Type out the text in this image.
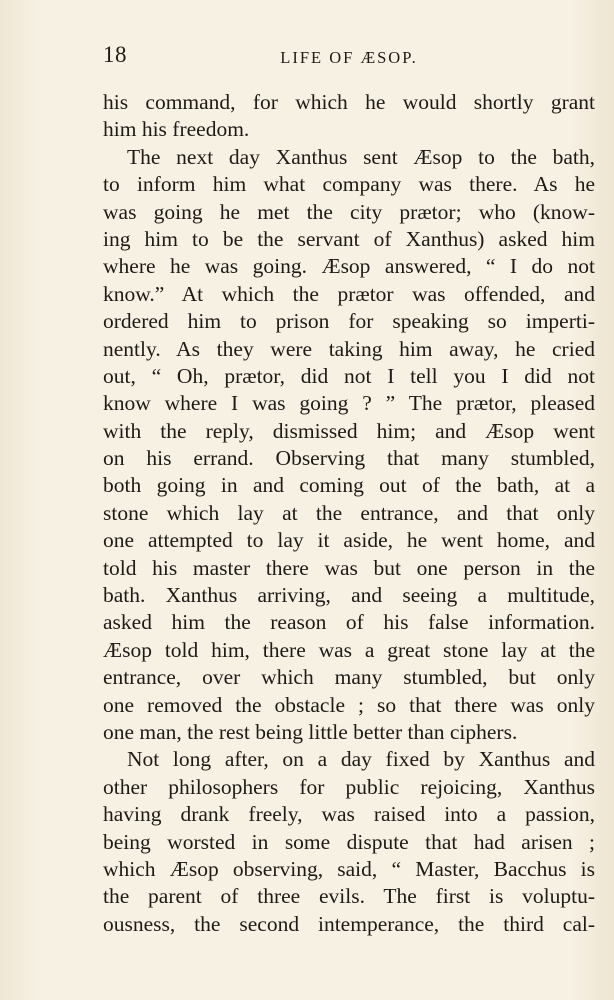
18	LIFE OF ÆSOP.
his command, for which he would shortly grant
him his freedom.
The next day Xanthus sent Æsop to the bath,
to inform him what company was there. As he
was going he met the city prætor; who (know-
ing him to be the servant of Xanthus) asked him
where he was going. Æsop answered, “ I do not
know.” At which the prætor was offended, and
ordered him to prison for speaking so imperti-
nently. As they were taking him away, he cried
out, “ Oh, prætor, did not I tell you I did not
know where I was going ? ” The prætor, pleased
with the reply, dismissed him; and Æsop went
on his errand. Observing that many stumbled,
both going in and coming out of the bath, at a
stone which lay at the entrance, and that only
one attempted to lay it aside, he went home, and
told his master there was but one person in the
bath. Xanthus arriving, and seeing a multitude,
asked him the reason of his false information.
Æsop told him, there was a great stone lay at the
entrance, over which many stumbled, but only
one removed the obstacle ; so that there was only
one man, the rest being little better than ciphers.
Not long after, on a day fixed by Xanthus and
other philosophers for public rejoicing, Xanthus
having drank freely, was raised into a passion,
being worsted in some dispute that had arisen ;
which Æsop observing, said, “ Master, Bacchus is
the parent of three evils. The first is voluptu-
ousness, the second intemperance, the third cal-
